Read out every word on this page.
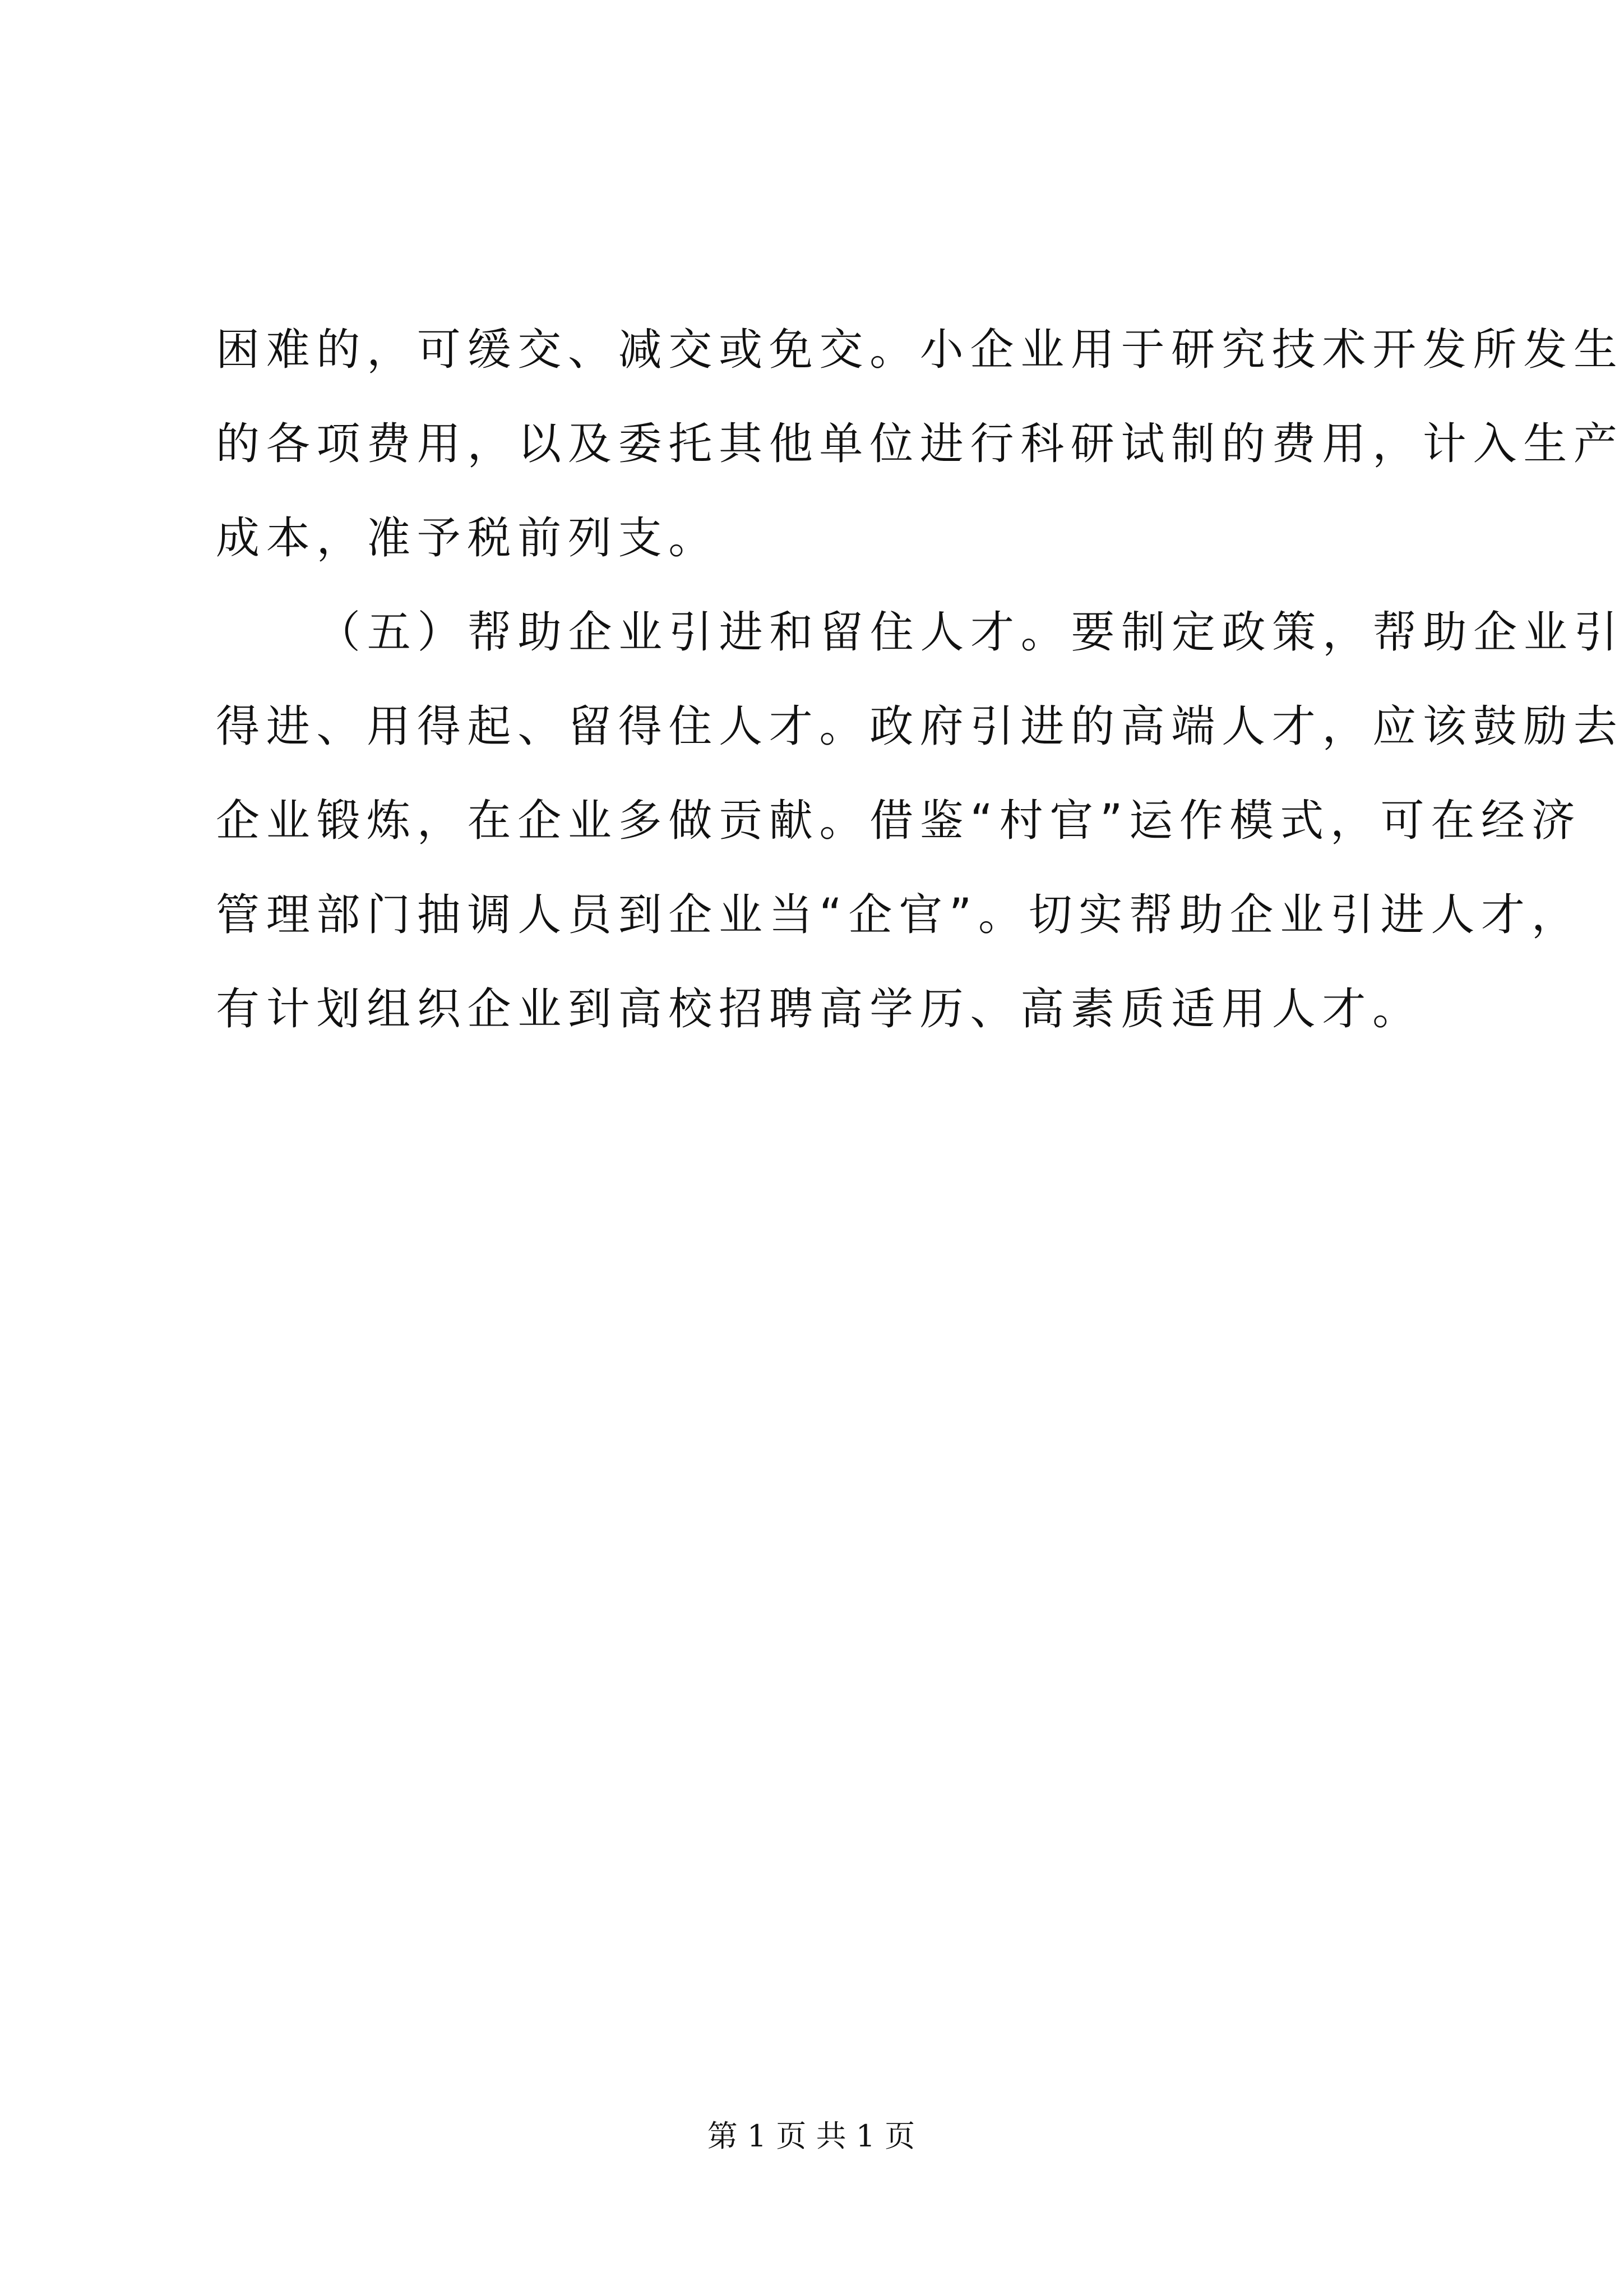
困难的，可缓交、减交或免交。小企业用于研究技术开发所发生
的各项费用，以及委托其他单位进行科研试制的费用，计入生产
成本，准予税前列支。
（五）帮助企业引进和留住人才。要制定政策，帮助企业引
得进、用得起、留得住人才。政府引进的高端人才，应该鼓励去
企业锻炼，在企业多做贡献。借鉴“村官”运作模式，可在经济
管理部门抽调人员到企业当“企官”。切实帮助企业引进人才，
有计划组织企业到高校招聘高学历、高素质适用人才。
第 1 页 共 1 页
